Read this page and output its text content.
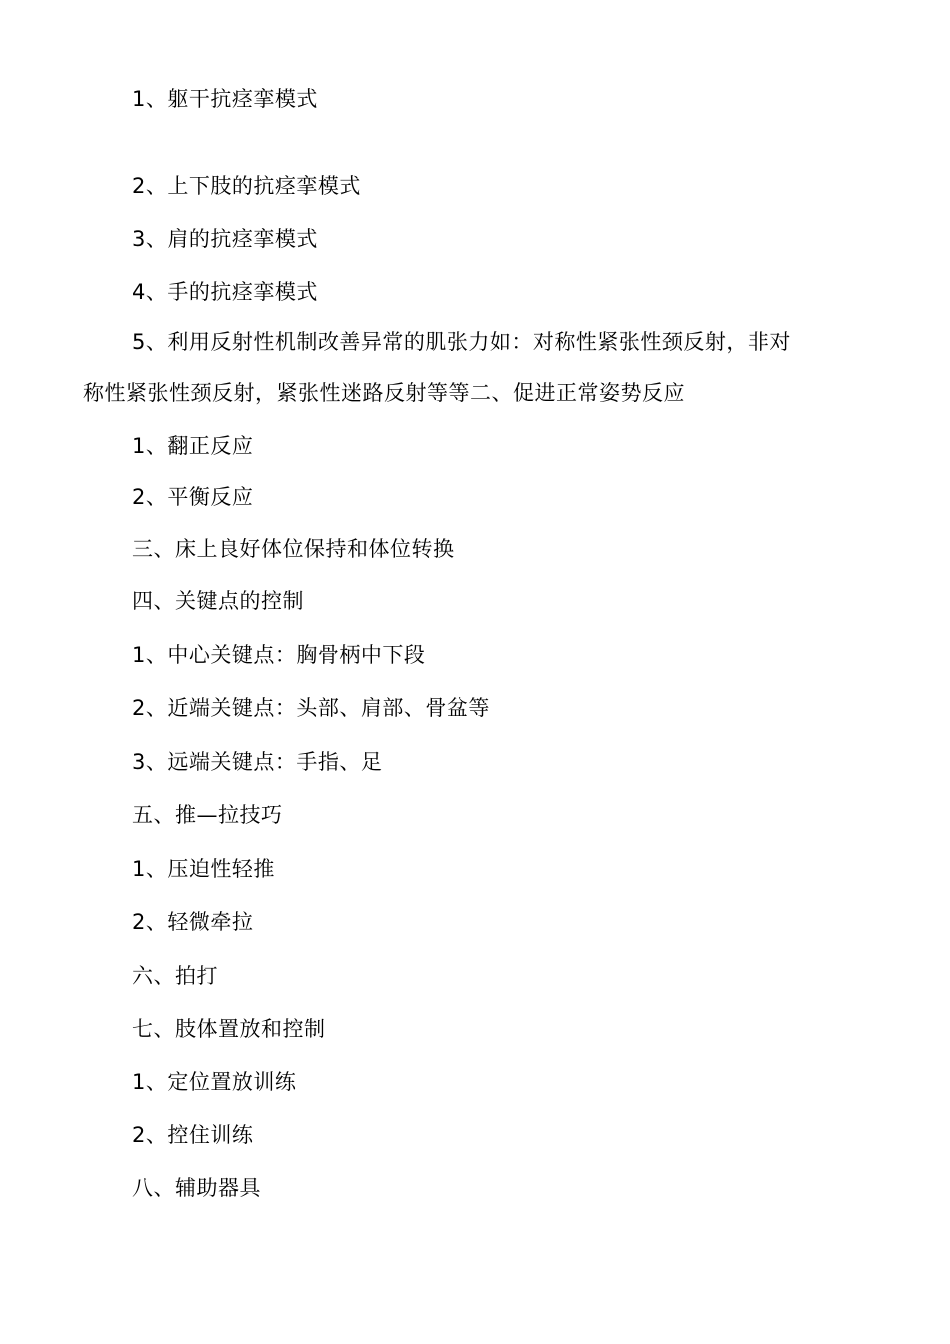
1、躯干抗痉挛模式
2、上下肢的抗痉挛模式
3、肩的抗痉挛模式
4、手的抗痉挛模式
5、利用反射性机制改善异常的肌张力如：对称性紧张性颈反射，非对
称性紧张性颈反射，紧张性迷路反射等等二、促进正常姿势反应
1、翻正反应
2、平衡反应
三、床上良好体位保持和体位转换
四、关键点的控制
1、中心关键点：胸骨柄中下段
2、近端关键点：头部、肩部、骨盆等
3、远端关键点：手指、足
五、推—拉技巧
1、压迫性轻推
2、轻微牵拉
六、拍打
七、肢体置放和控制
1、定位置放训练
2、控住训练
八、辅助器具
